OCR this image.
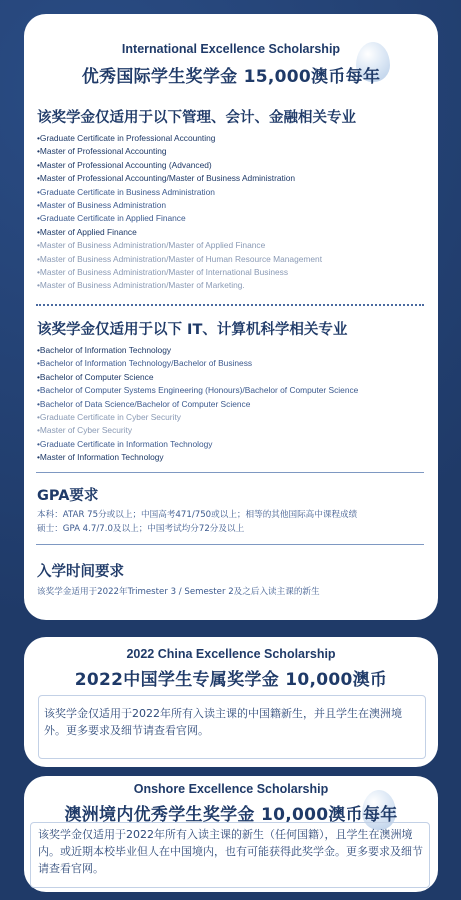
International Excellence Scholarship
优秀国际学生奖学金 15,000澳币每年
该奖学金仅适用于以下管理、会计、金融相关专业
•Graduate Certificate in Professional Accounting
•Master of Professional Accounting
•Master of Professional Accounting (Advanced)
•Master of Professional Accounting/Master of Business Administration
•Graduate Certificate in Business Administration
•Master of Business Administration
•Graduate Certificate in Applied Finance
•Master of Applied Finance
•Master of Business Administration/Master of Applied Finance
•Master of Business Administration/Master of Human Resource Management
•Master of Business Administration/Master of International Business
•Master of Business Administration/Master of Marketing.
该奖学金仅适用于以下 IT、计算机科学相关专业
•Bachelor of Information Technology
•Bachelor of Information Technology/Bachelor of Business
•Bachelor of Computer Science
•Bachelor of Computer Systems Engineering (Honours)/Bachelor of Computer Science
•Bachelor of Data Science/Bachelor of Computer Science
•Graduate Certificate in Cyber Security
•Master of Cyber Security
•Graduate Certificate in Information Technology
•Master of Information Technology
GPA要求
本科：ATAR 75分或以上；中国高考471/750或以上；相等的其他国际高中课程成绩
硕士：GPA 4.7/7.0及以上；中国考试均分72分及以上
入学时间要求
该奖学金适用于2022年Trimester 3 / Semester 2及之后入读主课的新生
2022 China Excellence Scholarship
2022中国学生专属奖学金 10,000澳币
该奖学金仅适用于2022年所有入读主课的中国籍新生，并且学生在澳洲境外。更多要求及细节请查看官网。
Onshore Excellence Scholarship
澳洲境内优秀学生奖学金 10,000澳币每年
该奖学金仅适用于2022年所有入读主课的新生（任何国籍），且学生在澳洲境内。或近期本校毕业但人在中国境内，也有可能获得此奖学金。更多要求及细节请查看官网。
